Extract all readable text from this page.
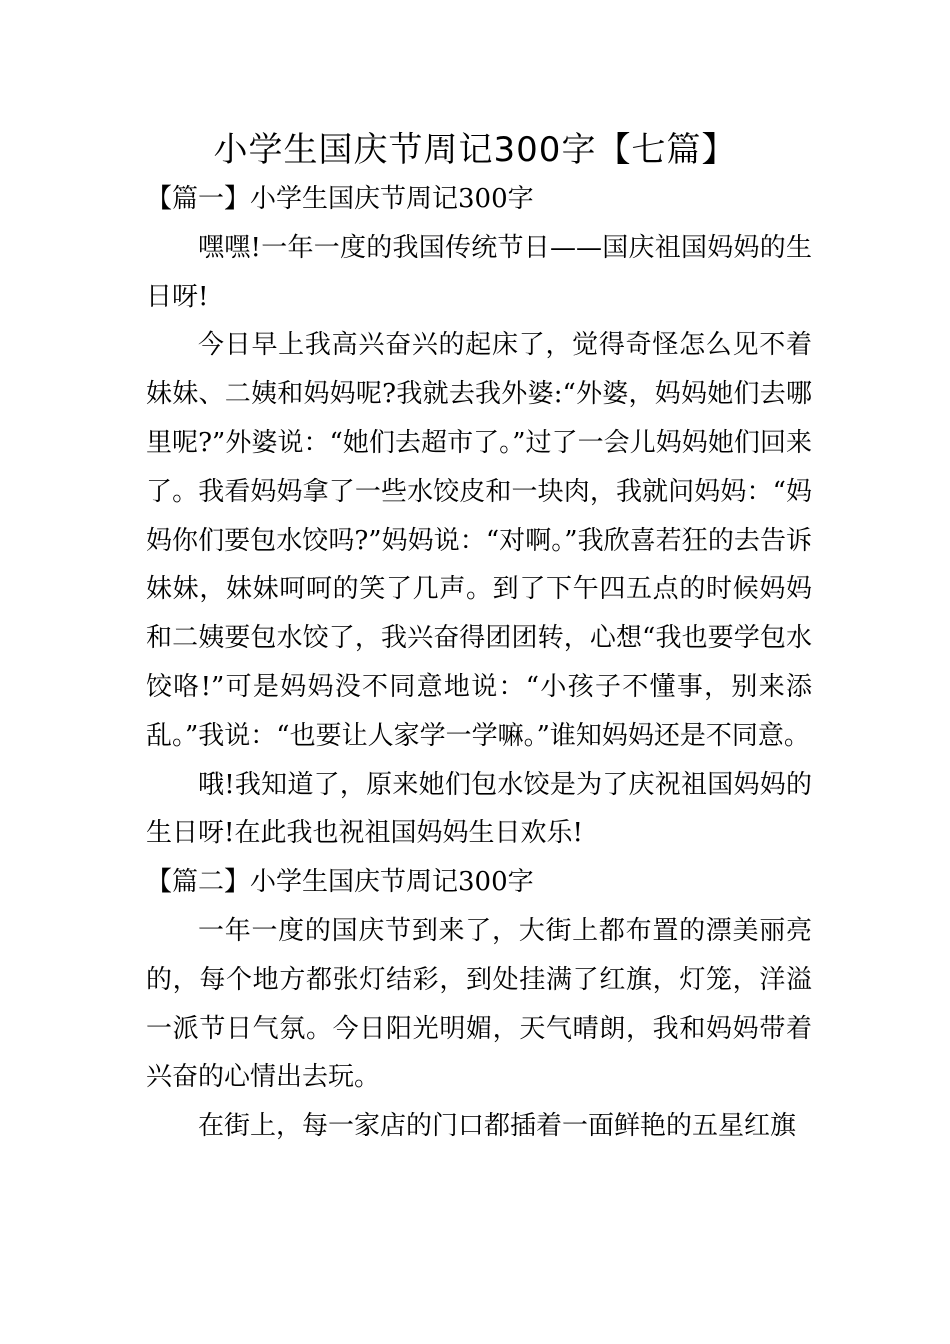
小学生国庆节周记300字【七篇】

【篇一】小学生国庆节周记300字

嘿嘿!一年一度的我国传统节日——国庆祖国妈妈的生日呀!

今日早上我高兴奋兴的起床了，觉得奇怪怎么见不着妹妹、二姨和妈妈呢?我就去我外婆:“外婆，妈妈她们去哪里呢?”外婆说：“她们去超市了。”过了一会儿妈妈她们回来了。我看妈妈拿了一些水饺皮和一块肉，我就问妈妈：“妈妈你们要包水饺吗?”妈妈说：“对啊。”我欣喜若狂的去告诉妹妹，妹妹呵呵的笑了几声。到了下午四五点的时候妈妈和二姨要包水饺了，我兴奋得团团转，心想“我也要学包水饺咯!”可是妈妈没不同意地说：“小孩子不懂事，别来添乱。”我说：“也要让人家学一学嘛。”谁知妈妈还是不同意。

哦!我知道了，原来她们包水饺是为了庆祝祖国妈妈的生日呀!在此我也祝祖国妈妈生日欢乐!

【篇二】小学生国庆节周记300字

一年一度的国庆节到来了，大街上都布置的漂美丽亮的，每个地方都张灯结彩，到处挂满了红旗，灯笼，洋溢一派节日气氛。今日阳光明媚，天气晴朗，我和妈妈带着兴奋的心情出去玩。

在街上，每一家店的门口都插着一面鲜艳的五星红旗
